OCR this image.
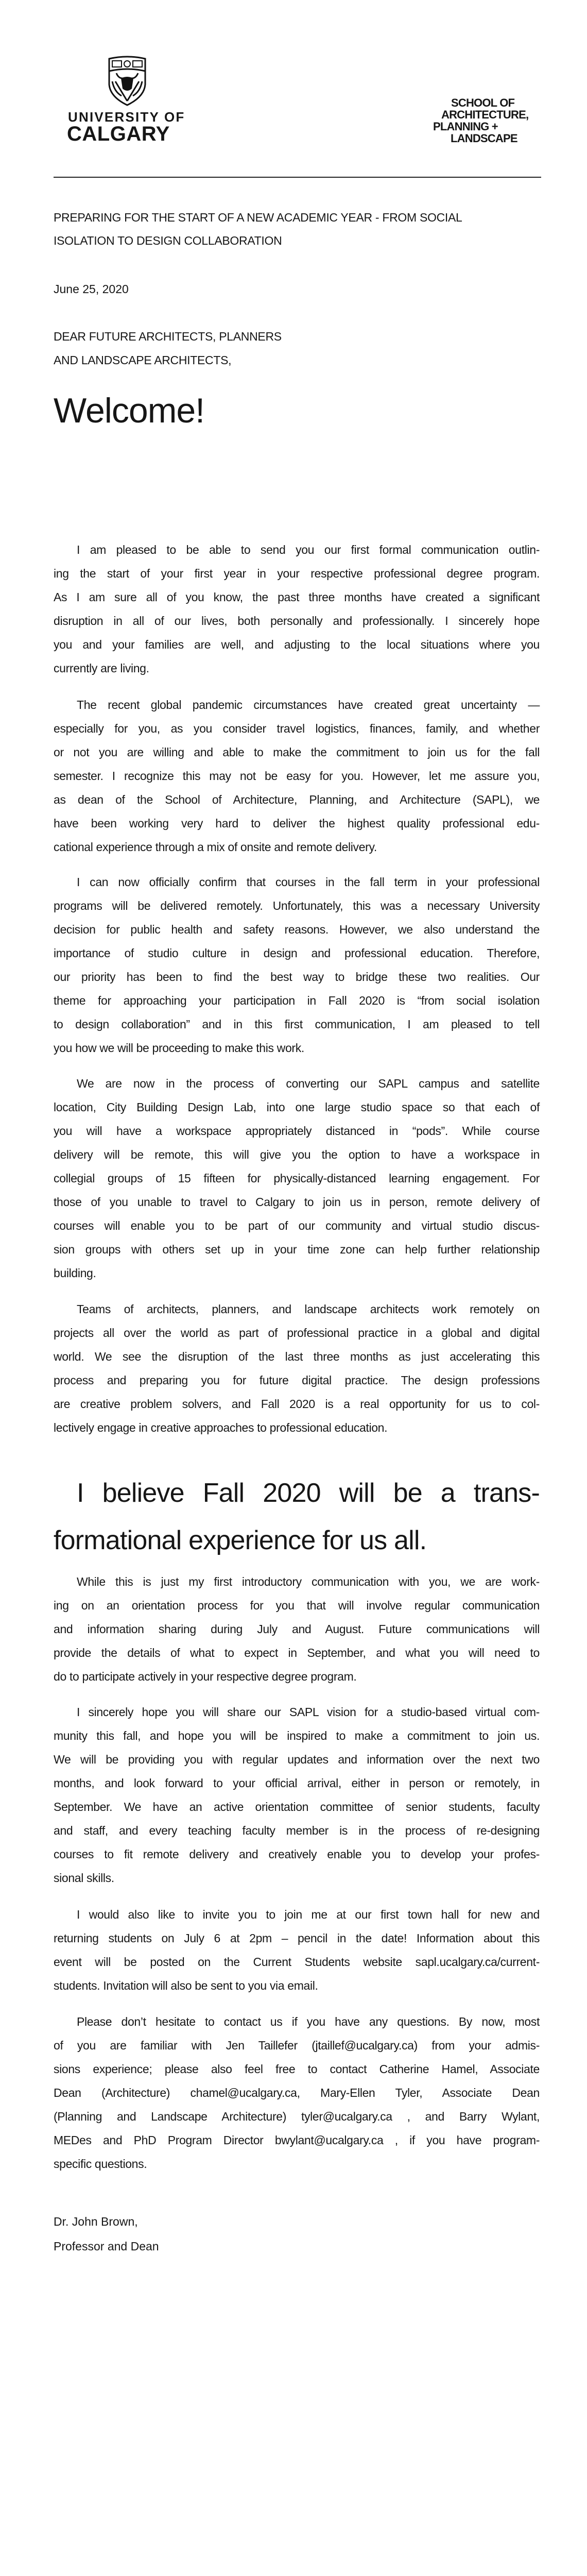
UNIVERSITY OF
CALGARY
SCHOOL OF
ARCHITECTURE,
PLANNING +
LANDSCAPE
PREPARING FOR THE START OF A NEW ACADEMIC YEAR - FROM SOCIAL
ISOLATION TO DESIGN COLLABORATION
June 25, 2020
DEAR FUTURE ARCHITECTS, PLANNERS
AND LANDSCAPE ARCHITECTS,
Welcome!
I am pleased to be able to send you our first formal communication outlin-
ing the start of your first year in your respective professional degree program.
As I am sure all of you know, the past three months have created a significant
disruption in all of our lives, both personally and professionally. I sincerely hope
you and your families are well, and adjusting to the local situations where you
currently are living.
The recent global pandemic circumstances have created great uncertainty —
especially for you, as you consider travel logistics, finances, family, and whether
or not you are willing and able to make the commitment to join us for the fall
semester. I recognize this may not be easy for you. However, let me assure you,
as dean of the School of Architecture, Planning, and Architecture (SAPL), we
have been working very hard to deliver the highest quality professional edu-
cational experience through a mix of onsite and remote delivery.
I can now officially confirm that courses in the fall term in your professional
programs will be delivered remotely. Unfortunately, this was a necessary University
decision for public health and safety reasons. However, we also understand the
importance of studio culture in design and professional education. Therefore,
our priority has been to find the best way to bridge these two realities. Our
theme for approaching your participation in Fall 2020 is “from social isolation
to design collaboration” and in this first communication, I am pleased to tell
you how we will be proceeding to make this work.
We are now in the process of converting our SAPL campus and satellite
location, City Building Design Lab, into one large studio space so that each of
you will have a workspace appropriately distanced in “pods”. While course
delivery will be remote, this will give you the option to have a workspace in
collegial groups of 15 fifteen for physically-distanced learning engagement. For
those of you unable to travel to Calgary to join us in person, remote delivery of
courses will enable you to be part of our community and virtual studio discus-
sion groups with others set up in your time zone can help further relationship
building.
Teams of architects, planners, and landscape architects work remotely on
projects all over the world as part of professional practice in a global and digital
world. We see the disruption of the last three months as just accelerating this
process and preparing you for future digital practice. The design professions
are creative problem solvers, and Fall 2020 is a real opportunity for us to col-
lectively engage in creative approaches to professional education.
I believe Fall 2020 will be a trans-
formational experience for us all.
While this is just my first introductory communication with you, we are work-
ing on an orientation process for you that will involve regular communication
and information sharing during July and August. Future communications will
provide the details of what to expect in September, and what you will need to
do to participate actively in your respective degree program.
I sincerely hope you will share our SAPL vision for a studio-based virtual com-
munity this fall, and hope you will be inspired to make a commitment to join us.
We will be providing you with regular updates and information over the next two
months, and look forward to your official arrival, either in person or remotely, in
September. We have an active orientation committee of senior students, faculty
and staff, and every teaching faculty member is in the process of re-designing
courses to fit remote delivery and creatively enable you to develop your profes-
sional skills.
I would also like to invite you to join me at our first town hall for new and
returning students on July 6 at 2pm – pencil in the date! Information about this
event will be posted on the Current Students website sapl.ucalgary.ca/current-
students. Invitation will also be sent to you via email.
Please don’t hesitate to contact us if you have any questions. By now, most
of you are familiar with Jen Taillefer (jtaillef@ucalgary.ca) from your admis-
sions experience; please also feel free to contact Catherine Hamel, Associate
Dean (Architecture) chamel@ucalgary.ca, Mary-Ellen Tyler, Associate Dean
(Planning and Landscape Architecture) tyler@ucalgary.ca , and Barry Wylant,
MEDes and PhD Program Director bwylant@ucalgary.ca , if you have program-
specific questions.
Dr. John Brown,
Professor and Dean
